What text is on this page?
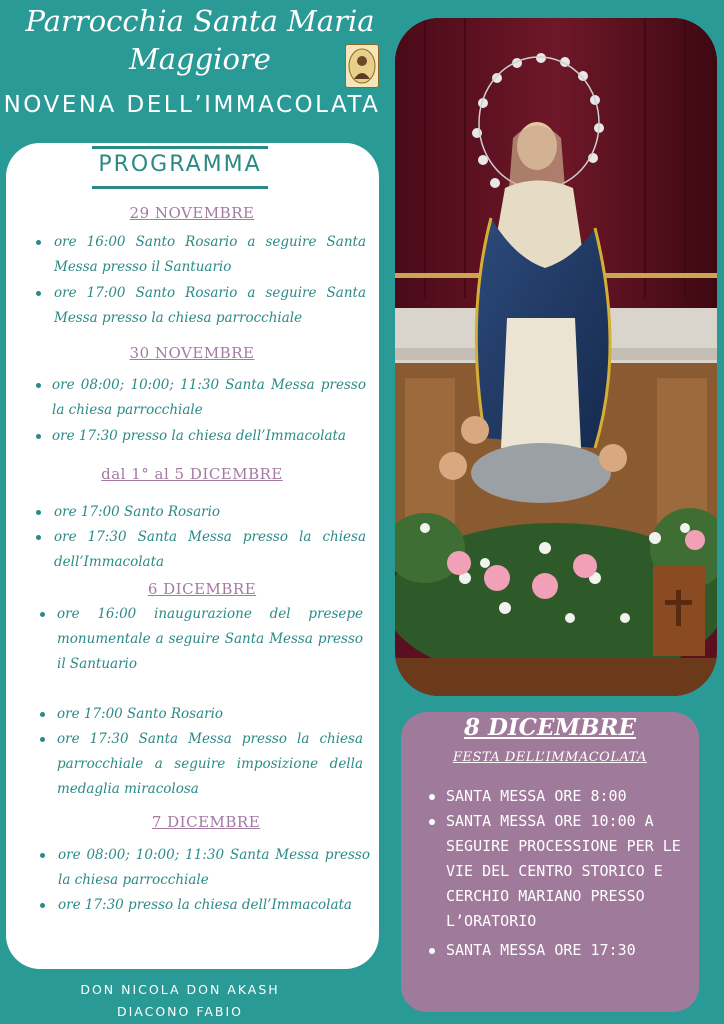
Parrocchia Santa Maria
Maggiore
NOVENA DELL’IMMACOLATA
PROGRAMMA
29 NOVEMBRE
ore 16:00 Santo Rosario a seguire Santa Messa presso il Santuario
ore 17:00 Santo Rosario a seguire Santa Messa presso la chiesa parrocchiale
30 NOVEMBRE
ore 08:00; 10:00; 11:30 Santa Messa presso la chiesa parrocchiale
ore 17:30 presso la chiesa dell’Immacolata
dal 1° al 5 DICEMBRE
ore 17:00 Santo Rosario
ore 17:30 Santa Messa presso la chiesa dell’Immacolata
6 DICEMBRE
ore 16:00 inaugurazione del presepe monumentale a seguire Santa Messa presso il Santuario
ore 17:00 Santo Rosario
ore 17:30 Santa Messa presso la chiesa parrocchiale a seguire imposizione della medaglia miracolosa
7 DICEMBRE
ore 08:00; 10:00; 11:30 Santa Messa presso la chiesa parrocchiale
ore 17:30 presso la chiesa dell’Immacolata
8 DICEMBRE
FESTA DELL’IMMACOLATA
SANTA MESSA ORE 8:00
SANTA MESSA ORE 10:00 A SEGUIRE PROCESSIONE PER LE VIE DEL CENTRO STORICO E CERCHIO MARIANO PRESSO L’ORATORIO
SANTA MESSA ORE 17:30
DON NICOLA DON AKASH
DIACONO FABIO
